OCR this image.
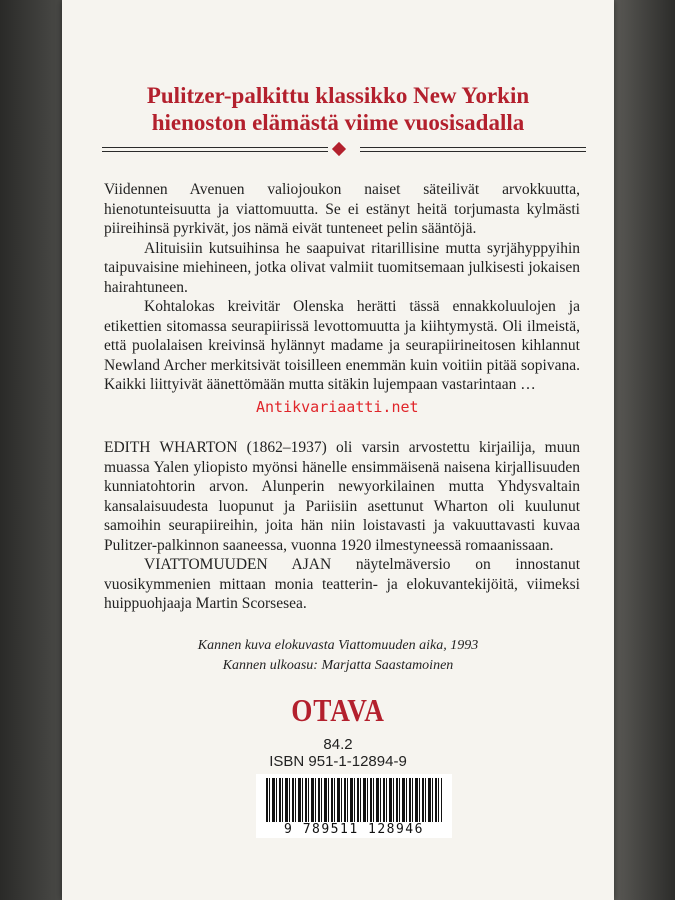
Pulitzer-palkittu klassikko New Yorkin
hienoston elämästä viime vuosisadalla

Viidennen Avenuen valiojoukon naiset säteilivät arvokkuutta, hienotunteisuutta ja viattomuutta. Se ei estänyt heitä torjumasta kylmästi piireihinsä pyrkivät, jos nämä eivät tunteneet pelin sääntöjä.

Alituisiin kutsuihinsa he saapuivat ritarillisine mutta syrjähyppyihin taipuvaisine miehineen, jotka olivat valmiit tuomitsemaan julkisesti jokaisen hairahtuneen.

Kohtalokas kreivitär Olenska herätti tässä ennakkoluulojen ja etikettien sitomassa seurapiirissä levottomuutta ja kiihtymystä. Oli ilmeistä, että puolalaisen kreivinsä hylännyt madame ja seurapiirineitosen kihlannut Newland Archer merkitsivät toisilleen enemmän kuin voitiin pitää sopivana. Kaikki liittyivät äänettömään mutta sitäkin lujempaan vastarintaan …

Antikvariaatti.net

EDITH WHARTON (1862–1937) oli varsin arvostettu kirjailija, muun muassa Yalen yliopisto myönsi hänelle ensimmäisenä naisena kirjallisuuden kunniatohtorin arvon. Alunperin newyorkilainen mutta Yhdysvaltain kansalaisuudesta luopunut ja Pariisiin asettunut Wharton oli kuulunut samoihin seurapiireihin, joita hän niin loistavasti ja vakuuttavasti kuvaa Pulitzer-palkinnon saaneessa, vuonna 1920 ilmestyneessä romaanissaan.

VIATTOMUUDEN AJAN näytelmäversio on innostanut vuosikymmenien mittaan monia teatterin- ja elokuvantekijöitä, viimeksi huippuohjaaja Martin Scorsesea.

Kannen kuva elokuvasta Viattomuuden aika, 1993
Kannen ulkoasu: Marjatta Saastamoinen
OTAVA
84.2
ISBN 951-1-12894-9
9 789511 128946
